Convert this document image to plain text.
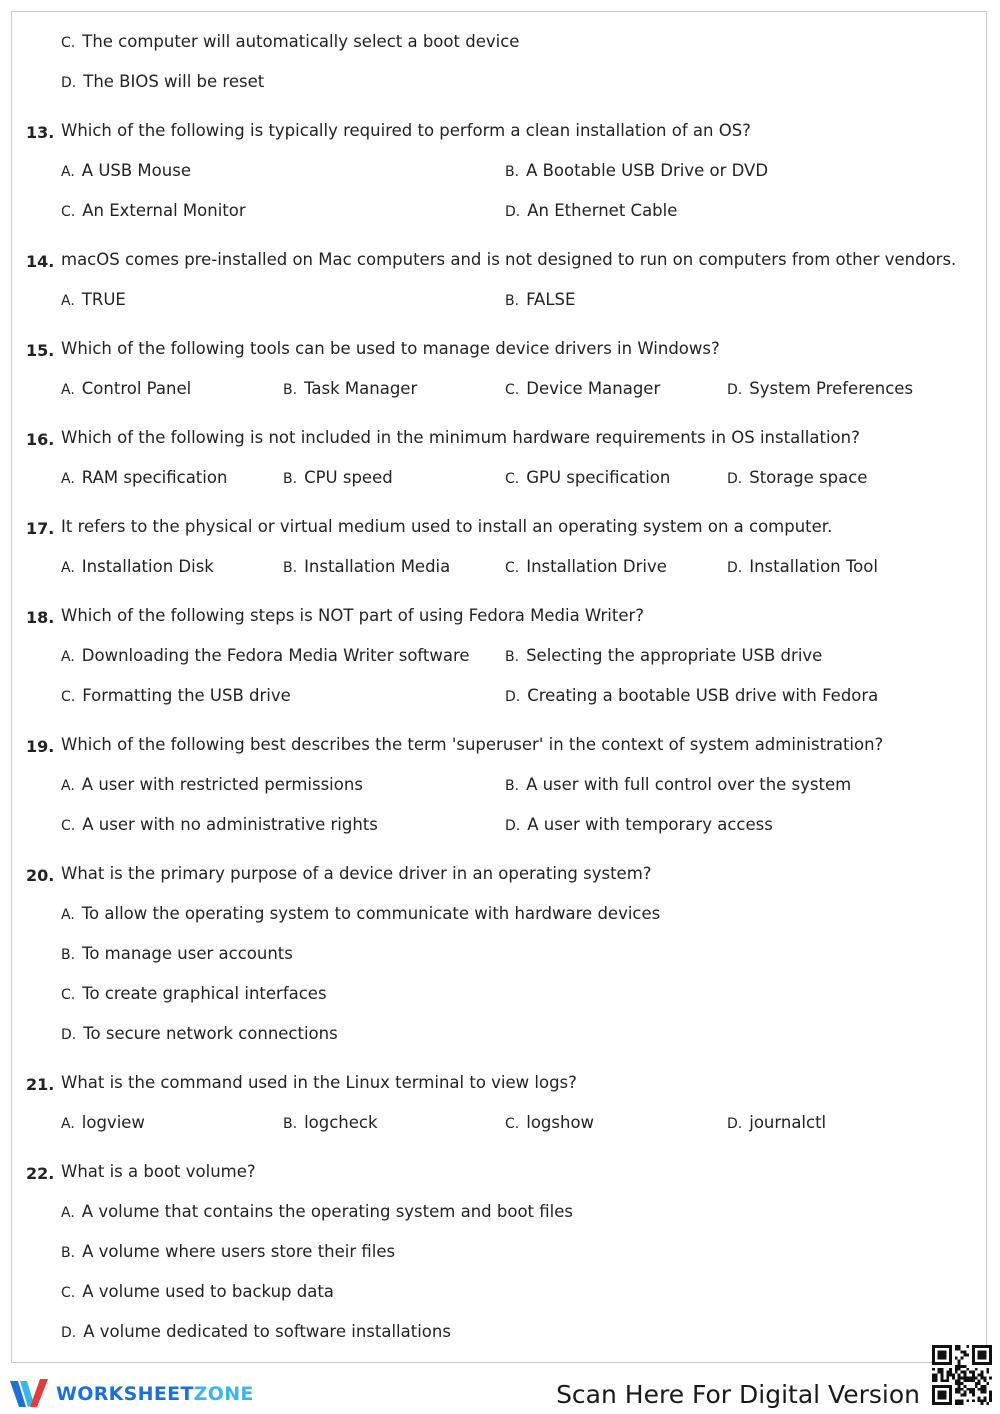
C. The computer will automatically select a boot device
D. The BIOS will be reset
13. Which of the following is typically required to perform a clean installation of an OS?
A. A USB Mouse	B. A Bootable USB Drive or DVD
C. An External Monitor	D. An Ethernet Cable
14. macOS comes pre-installed on Mac computers and is not designed to run on computers from other vendors.
A. TRUE	B. FALSE
15. Which of the following tools can be used to manage device drivers in Windows?
A. Control Panel	B. Task Manager	C. Device Manager	D. System Preferences
16. Which of the following is not included in the minimum hardware requirements in OS installation?
A. RAM specification	B. CPU speed	C. GPU specification	D. Storage space
17. It refers to the physical or virtual medium used to install an operating system on a computer.
A. Installation Disk	B. Installation Media	C. Installation Drive	D. Installation Tool
18. Which of the following steps is NOT part of using Fedora Media Writer?
A. Downloading the Fedora Media Writer software	B. Selecting the appropriate USB drive
C. Formatting the USB drive	D. Creating a bootable USB drive with Fedora
19. Which of the following best describes the term 'superuser' in the context of system administration?
A. A user with restricted permissions	B. A user with full control over the system
C. A user with no administrative rights	D. A user with temporary access
20. What is the primary purpose of a device driver in an operating system?
A. To allow the operating system to communicate with hardware devices
B. To manage user accounts
C. To create graphical interfaces
D. To secure network connections
21. What is the command used in the Linux terminal to view logs?
A. logview	B. logcheck	C. logshow	D. journalctl
22. What is a boot volume?
A. A volume that contains the operating system and boot files
B. A volume where users store their files
C. A volume used to backup data
D. A volume dedicated to software installations
WORKSHEETZONE	Scan Here For Digital Version
